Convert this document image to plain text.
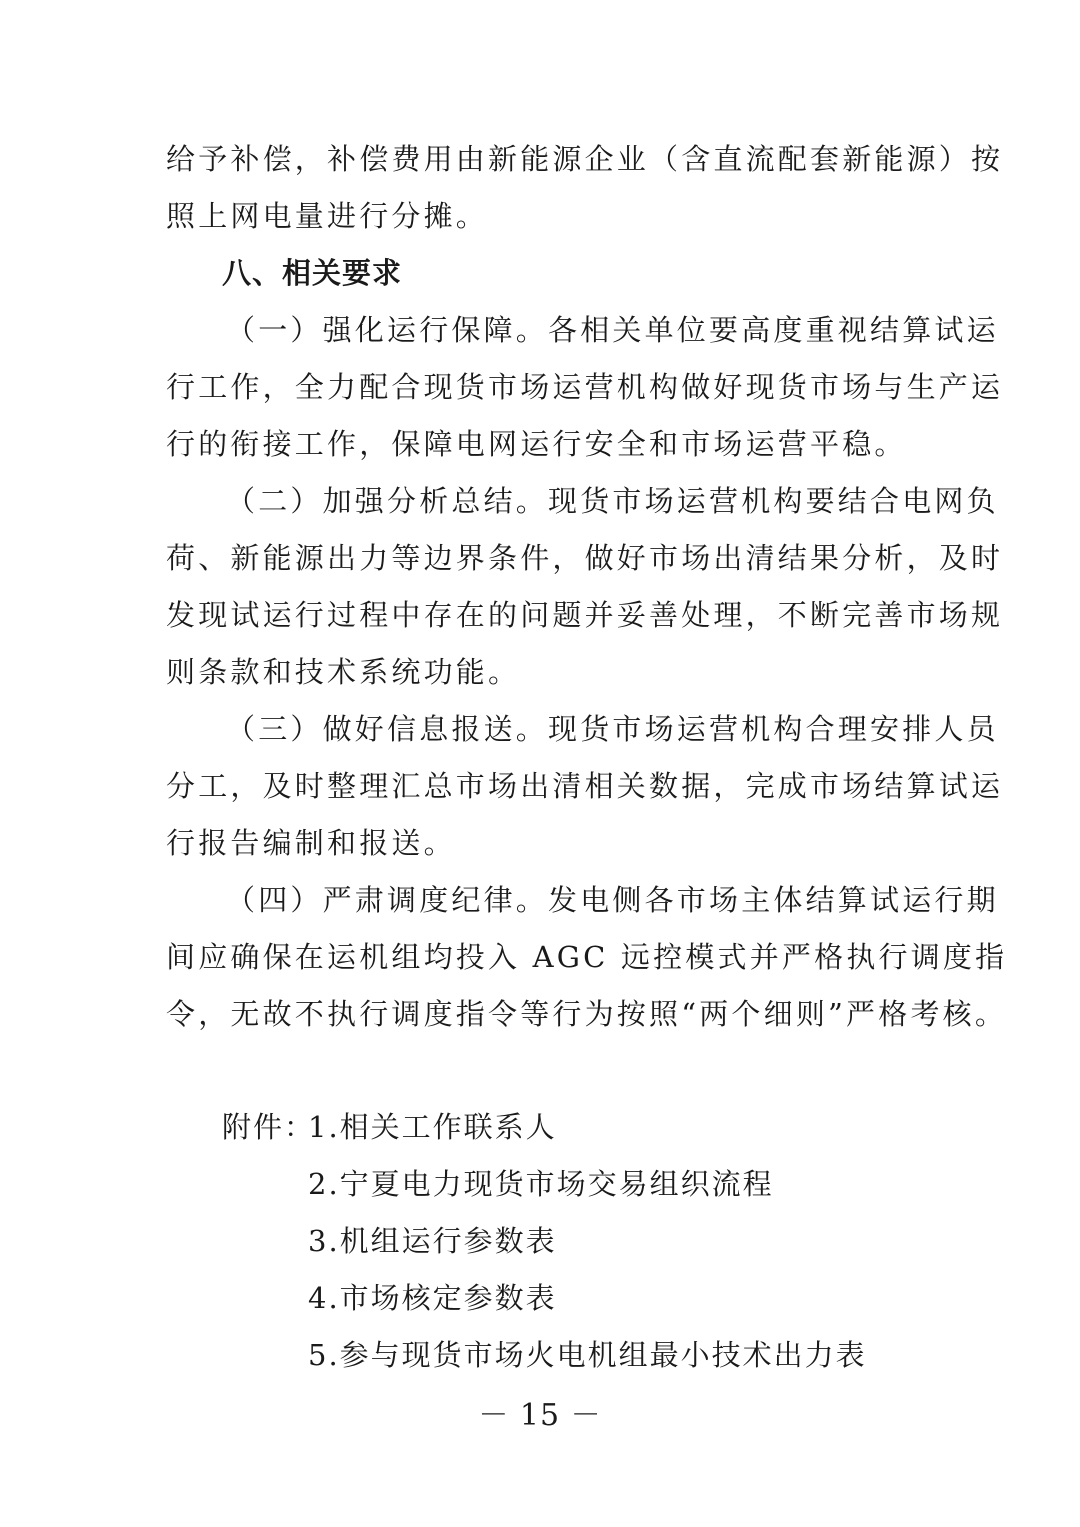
给予补偿，补偿费用由新能源企业（含直流配套新能源）按
照上网电量进行分摊。
八、相关要求
（一）强化运行保障。各相关单位要高度重视结算试运
行工作，全力配合现货市场运营机构做好现货市场与生产运
行的衔接工作，保障电网运行安全和市场运营平稳。
（二）加强分析总结。现货市场运营机构要结合电网负
荷、新能源出力等边界条件，做好市场出清结果分析，及时
发现试运行过程中存在的问题并妥善处理，不断完善市场规
则条款和技术系统功能。
（三）做好信息报送。现货市场运营机构合理安排人员
分工，及时整理汇总市场出清相关数据，完成市场结算试运
行报告编制和报送。
（四）严肃调度纪律。发电侧各市场主体结算试运行期
间应确保在运机组均投入 AGC 远控模式并严格执行调度指
令，无故不执行调度指令等行为按照“两个细则”严格考核。
附件：
1.相关工作联系人
2.宁夏电力现货市场交易组织流程
3.机组运行参数表
4.市场核定参数表
5.参与现货市场火电机组最小技术出力表
－ 15 －
